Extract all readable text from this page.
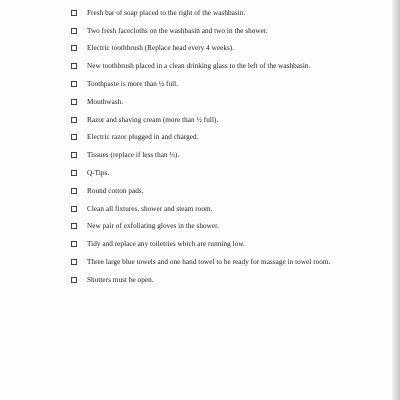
Fresh bar of soap placed to the right of the washbasin.
Two fresh facecloths on the washbasin and two in the shower.
Electric toothbrush (Replace head every 4 weeks).
New toothbrush placed in a clean drinking glass to the left of the washbasin.
Toothpaste is more than ½ full.
Mouthwash.
Razor and shaving cream (more than ½ full).
Electric razor plugged in and charged.
Tissues (replace if less than ⅓).
Q-Tips.
Round cotton pads.
Clean all fixtures, shower and steam room.
New pair of exfoliating gloves in the shower.
Tidy and replace any toiletries which are running low.
Three large blue towels and one hand towel to be ready for massage in towel room.
Shutters must be open.
